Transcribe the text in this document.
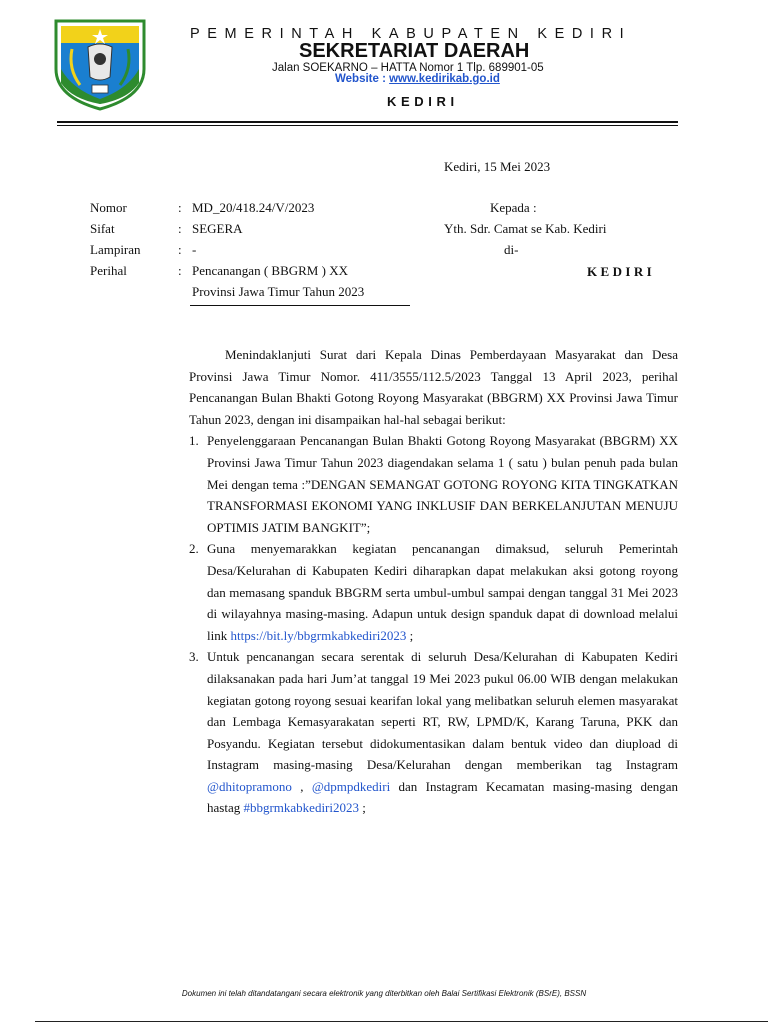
PEMERINTAH KABUPATEN KEDIRI
SEKRETARIAT DAERAH
Jalan SOEKARNO – HATTA Nomor 1 Tlp. 689901-05
Website : www.kedirikab.go.id
KEDIRI
Kediri, 15 Mei 2023
Nomor	: MD_20/418.24/V/2023
Sifat	: SEGERA
Lampiran	: -
Perihal	: Pencanangan ( BBGRM ) XX
Provinsi Jawa Timur Tahun 2023
Kepada :
Yth. Sdr. Camat se Kab. Kediri
di-
KEDIRI

Menindaklanjuti Surat dari Kepala Dinas Pemberdayaan Masyarakat dan Desa Provinsi Jawa Timur Nomor. 411/3555/112.5/2023 Tanggal 13 April 2023, perihal Pencanangan Bulan Bhakti Gotong Royong Masyarakat (BBGRM) XX Provinsi Jawa Timur Tahun 2023, dengan ini disampaikan hal-hal sebagai berikut:

1. Penyelenggaraan Pencanangan Bulan Bhakti Gotong Royong Masyarakat (BBGRM) XX Provinsi Jawa Timur Tahun 2023 diagendakan selama 1 ( satu ) bulan penuh pada bulan Mei dengan tema :”DENGAN SEMANGAT GOTONG ROYONG KITA TINGKATKAN TRANSFORMASI EKONOMI YANG INKLUSIF DAN BERKELANJUTAN MENUJU OPTIMIS JATIM BANGKIT”;
2. Guna menyemarakkan kegiatan pencanangan dimaksud, seluruh Pemerintah Desa/Kelurahan di Kabupaten Kediri diharapkan dapat melakukan aksi gotong royong dan memasang spanduk BBGRM serta umbul-umbul sampai dengan tanggal 31 Mei 2023 di wilayahnya masing-masing. Adapun untuk design spanduk dapat di download melalui link https://bit.ly/bbgrmkabkediri2023 ;
3. Untuk pencanangan secara serentak di seluruh Desa/Kelurahan di Kabupaten Kediri dilaksanakan pada hari Jum’at tanggal 19 Mei 2023 pukul 06.00 WIB dengan melakukan kegiatan gotong royong sesuai kearifan lokal yang melibatkan seluruh elemen masyarakat dan Lembaga Kemasyarakatan seperti RT, RW, LPMD/K, Karang Taruna, PKK dan Posyandu. Kegiatan tersebut didokumentasikan dalam bentuk video dan diupload di Instagram masing-masing Desa/Kelurahan dengan memberikan tag Instagram @dhitopramono , @dpmpdkediri dan Instagram Kecamatan masing-masing dengan hastag #bbgrmkabkediri2023 ;
Dokumen ini telah ditandatangani secara elektronik yang diterbitkan oleh Balai Sertifikasi Elektronik (BSrE), BSSN
